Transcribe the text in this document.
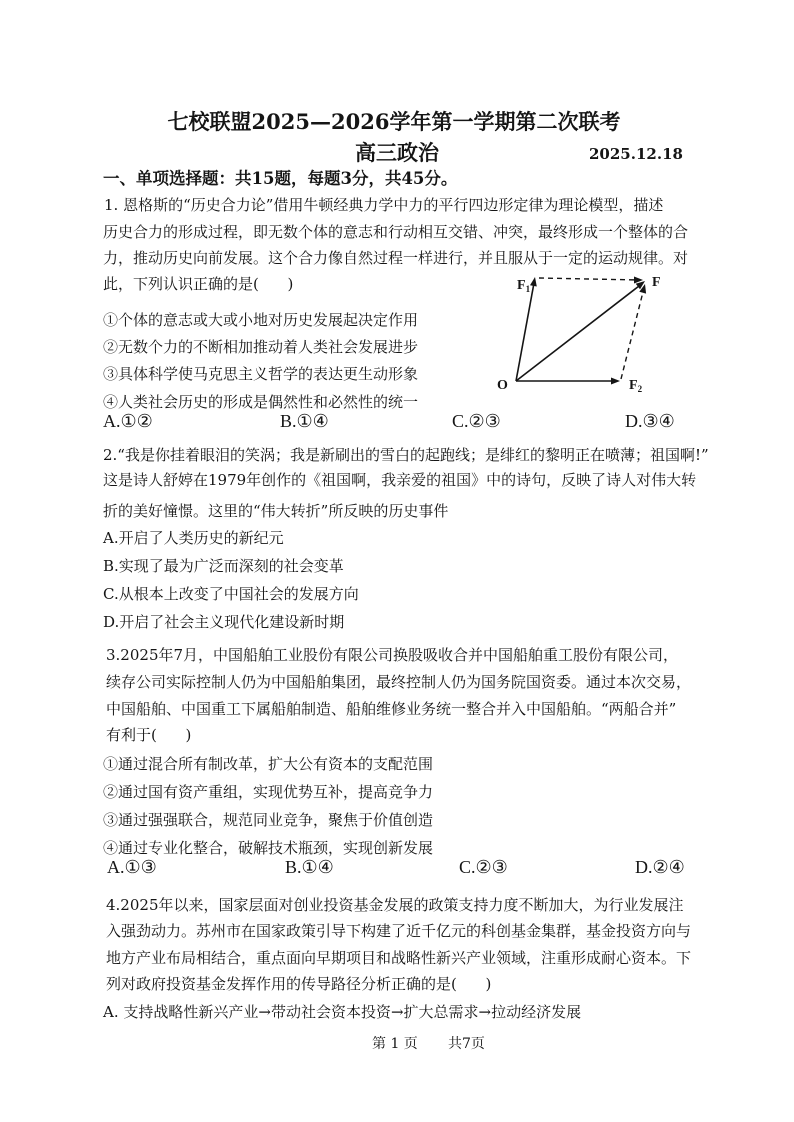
七校联盟2025—2026学年第一学期第二次联考
高三政治	2025.12.18
一、单项选择题：共15题，每题3分，共45分。
1. 恩格斯的“历史合力论”借用牛顿经典力学中力的平行四边形定律为理论模型，描述
历史合力的形成过程，即无数个体的意志和行动相互交错、冲突，最终形成一个整体的合
力，推动历史向前发展。这个合力像自然过程一样进行，并且服从于一定的运动规律。对
此，下列认识正确的是(      )
①个体的意志或大或小地对历史发展起决定作用
②无数个力的不断相加推动着人类社会发展进步
③具体科学使马克思主义哲学的表达更生动形象
④人类社会历史的形成是偶然性和必然性的统一
A.①②	B.①④	C.②③	D.③④
$F_1$	F
O	$F_2$
2.“我是你挂着眼泪的笑涡；我是新刷出的雪白的起跑线；是绯红的黎明正在喷薄；祖国啊!”
这是诗人舒婷在1979年创作的《祖国啊，我亲爱的祖国》中的诗句，反映了诗人对伟大转
折的美好憧憬。这里的“伟大转折”所反映的历史事件
A.开启了人类历史的新纪元
B.实现了最为广泛而深刻的社会变革
C.从根本上改变了中国社会的发展方向
D.开启了社会主义现代化建设新时期
3.2025年7月，中国船舶工业股份有限公司换股吸收合并中国船舶重工股份有限公司，
续存公司实际控制人仍为中国船舶集团，最终控制人仍为国务院国资委。通过本次交易，
中国船舶、中国重工下属船舶制造、船舶维修业务统一整合并入中国船舶。“两船合并”
有利于(      )
①通过混合所有制改革，扩大公有资本的支配范围
②通过国有资产重组，实现优势互补，提高竞争力
③通过强强联合，规范同业竞争，聚焦于价值创造
④通过专业化整合，破解技术瓶颈，实现创新发展
A.①③	B.①④	C.②③	D.②④
4.2025年以来，国家层面对创业投资基金发展的政策支持力度不断加大，为行业发展注
入强劲动力。苏州市在国家政策引导下构建了近千亿元的科创基金集群，基金投资方向与
地方产业布局相结合，重点面向早期项目和战略性新兴产业领域，注重形成耐心资本。下
列对政府投资基金发挥作用的传导路径分析正确的是(      )
A. 支持战略性新兴产业→带动社会资本投资→扩大总需求→拉动经济发展
第 1 页 共7页
